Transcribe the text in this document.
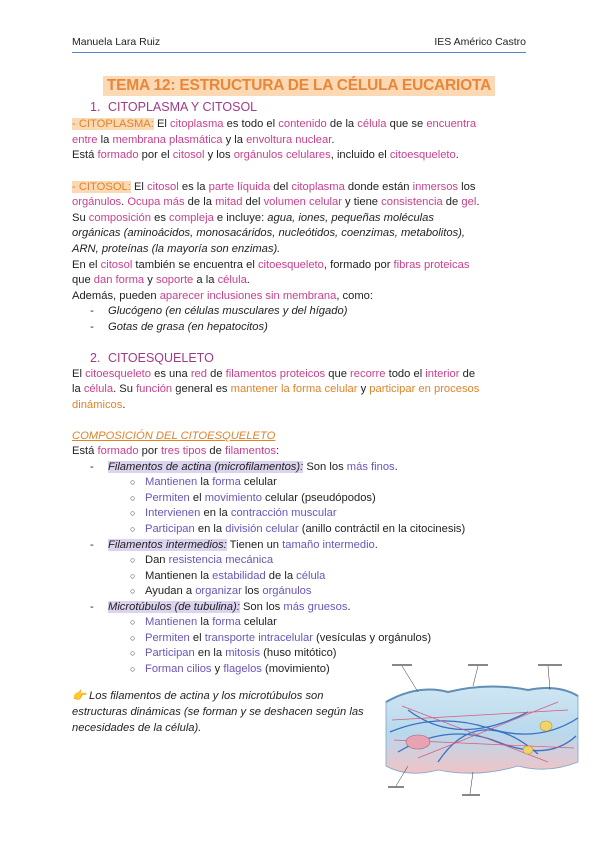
Manuela Lara Ruiz	IES Américo Castro
TEMA 12: ESTRUCTURA DE LA CÉLULA EUCARIOTA
1. CITOPLASMA Y CITOSOL
- CITOPLASMA: El citoplasma es todo el contenido de la célula que se encuentra
entre la membrana plasmática y la envoltura nuclear.
Está formado por el citosol y los orgánulos celulares, incluido el citoesqueleto.
- CITOSOL: El citosol es la parte líquida del citoplasma donde están inmersos los
orgánulos. Ocupa más de la mitad del volumen celular y tiene consistencia de gel.
Su composición es compleja e incluye: agua, iones, pequeñas moléculas
orgánicas (aminoácidos, monosacáridos, nucleótidos, coenzimas, metabolitos),
ARN, proteínas (la mayoría son enzimas).
En el citosol también se encuentra el citoesqueleto, formado por fibras proteicas
que dan forma y soporte a la célula.
Además, pueden aparecer inclusiones sin membrana, como:
- Glucógeno (en células musculares y del hígado)
- Gotas de grasa (en hepatocitos)
2. CITOESQUELETO
El citoesqueleto es una red de filamentos proteicos que recorre todo el interior de
la célula. Su función general es mantener la forma celular y participar en procesos
dinámicos.
COMPOSICIÓN DEL CITOESQUELETO
Está formado por tres tipos de filamentos:
- Filamentos de actina (microfilamentos): Son los más finos.
○ Mantienen la forma celular
○ Permiten el movimiento celular (pseudópodos)
○ Intervienen en la contracción muscular
○ Participan en la división celular (anillo contráctil en la citocinesis)
- Filamentos intermedios: Tienen un tamaño intermedio.
○ Dan resistencia mecánica
○ Mantienen la estabilidad de la célula
○ Ayudan a organizar los orgánulos
- Microtúbulos (de tubulina): Son los más gruesos.
○ Mantienen la forma celular
○ Permiten el transporte intracelular (vesículas y orgánulos)
○ Participan en la mitosis (huso mitótico)
○ Forman cilios y flagelos (movimiento)
👉 Los filamentos de actina y los microtúbulos son estructuras dinámicas (se forman y se deshacen según las necesidades de la célula).
